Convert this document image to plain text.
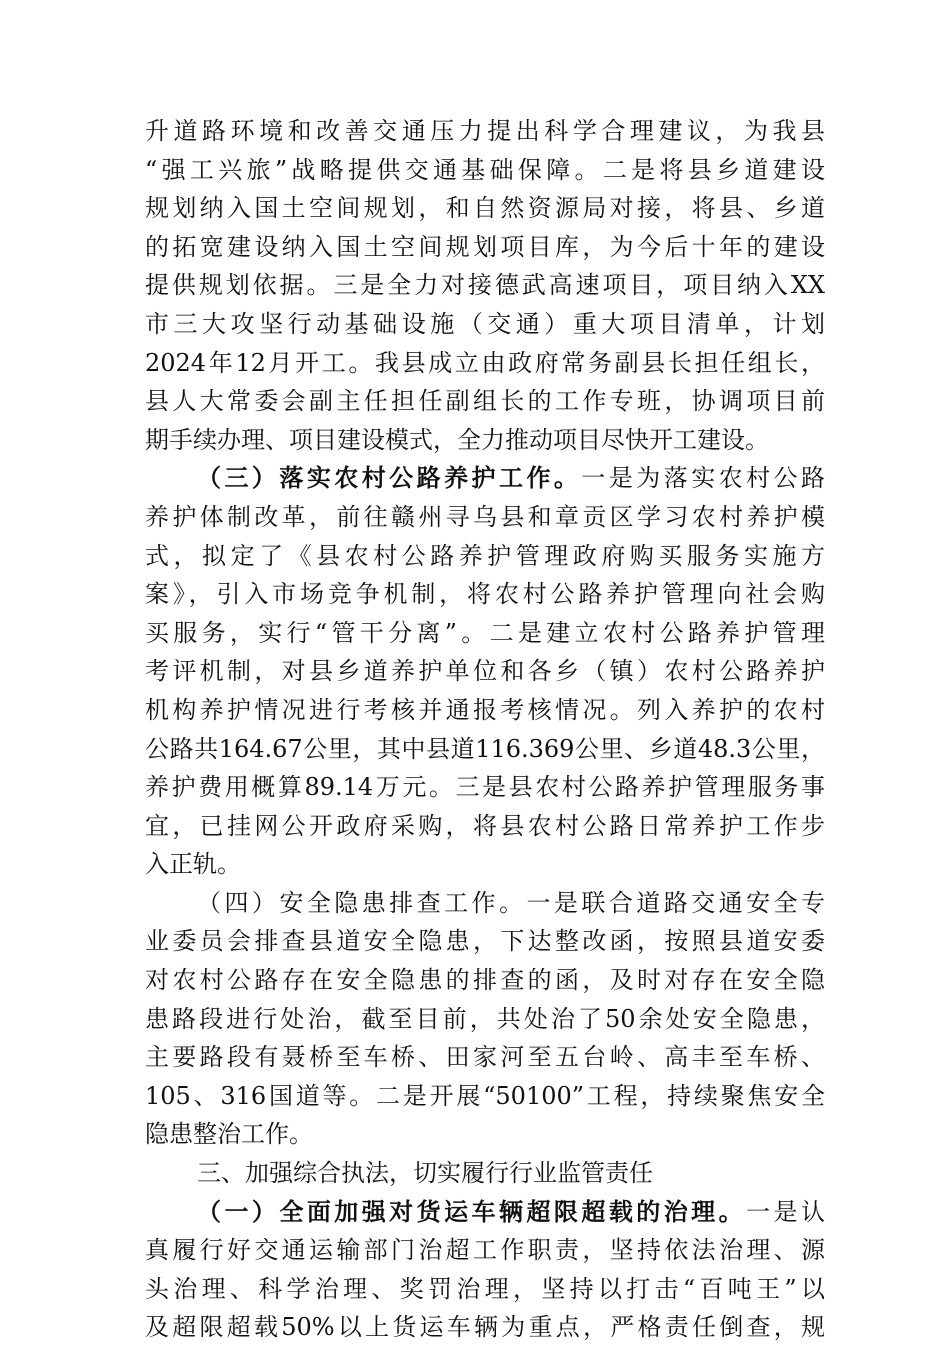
升道路环境和改善交通压力提出科学合理建议，为我县
“强工兴旅”战略提供交通基础保障。二是将县乡道建设
规划纳入国土空间规划，和自然资源局对接，将县、乡道
的拓宽建设纳入国土空间规划项目库，为今后十年的建设
提供规划依据。三是全力对接德武高速项目，项目纳入XX
市三大攻坚行动基础设施（交通）重大项目清单，计划
2024年12月开工。我县成立由政府常务副县长担任组长，
县人大常委会副主任担任副组长的工作专班，协调项目前
期手续办理、项目建设模式，全力推动项目尽快开工建设。
（三）落实农村公路养护工作。一是为落实农村公路
养护体制改革，前往赣州寻乌县和章贡区学习农村养护模
式，拟定了《县农村公路养护管理政府购买服务实施方
案》，引入市场竞争机制，将农村公路养护管理向社会购
买服务，实行“管干分离”。二是建立农村公路养护管理
考评机制，对县乡道养护单位和各乡（镇）农村公路养护
机构养护情况进行考核并通报考核情况。列入养护的农村
公路共164.67公里，其中县道116.369公里、乡道48.3公里，
养护费用概算89.14万元。三是县农村公路养护管理服务事
宜，已挂网公开政府采购，将县农村公路日常养护工作步
入正轨。
（四）安全隐患排查工作。一是联合道路交通安全专
业委员会排查县道安全隐患，下达整改函，按照县道安委
对农村公路存在安全隐患的排查的函，及时对存在安全隐
患路段进行处治，截至目前，共处治了50余处安全隐患，
主要路段有聂桥至车桥、田家河至五台岭、高丰至车桥、
105、316国道等。二是开展“50100”工程，持续聚焦安全
隐患整治工作。
三、加强综合执法，切实履行行业监管责任
（一）全面加强对货运车辆超限超载的治理。一是认
真履行好交通运输部门治超工作职责，坚持依法治理、源
头治理、科学治理、奖罚治理，坚持以打击“百吨王”以
及超限超载50%以上货运车辆为重点，严格责任倒查，规
